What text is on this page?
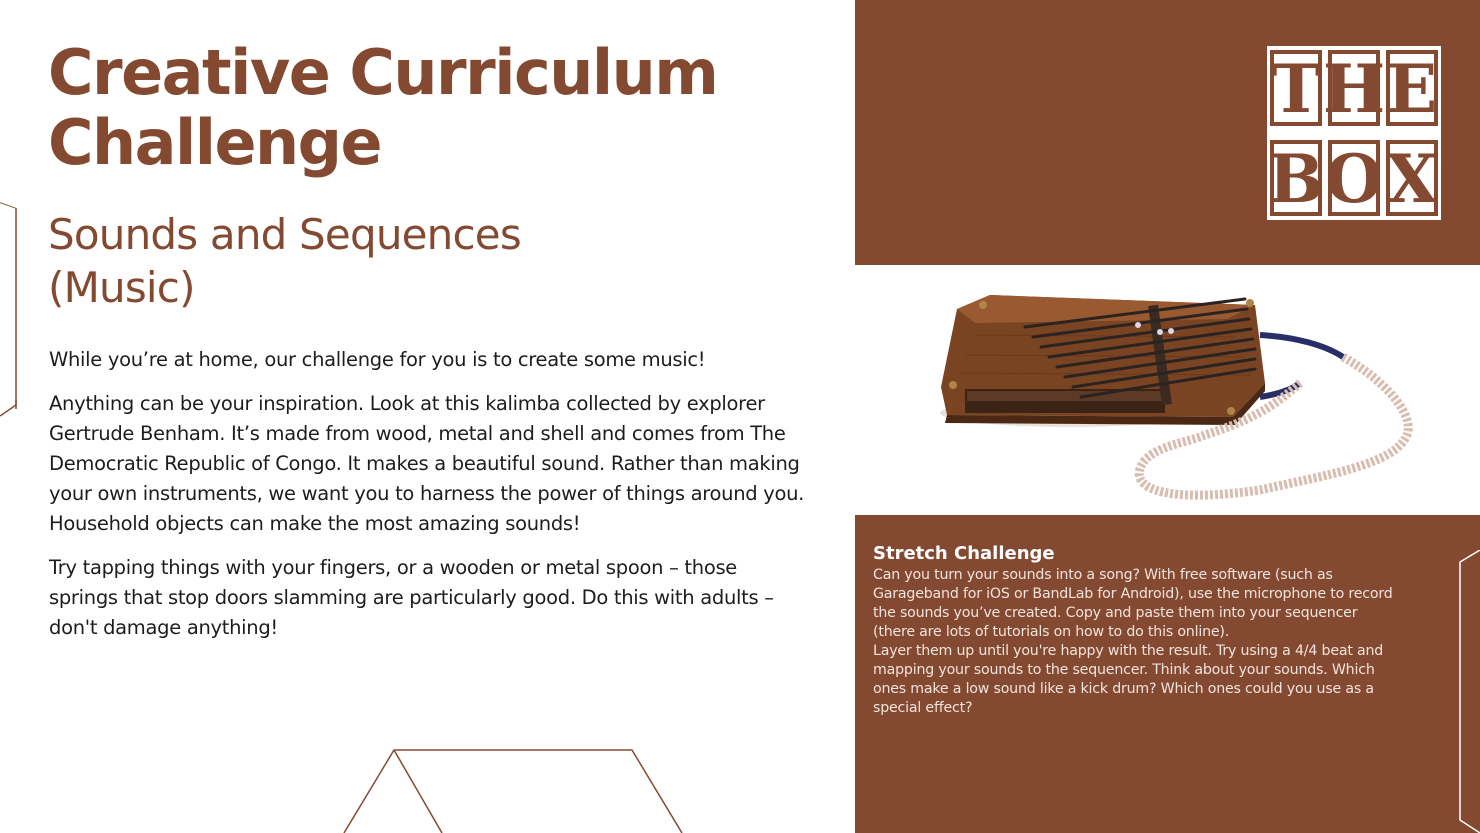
Creative Curriculum
Challenge
Sounds and Sequences
(Music)

While you’re at home, our challenge for you is to create some music!

Anything can be your inspiration. Look at this kalimba collected by explorer Gertrude Benham. It’s made from wood, metal and shell and comes from The Democratic Republic of Congo. It makes a beautiful sound. Rather than making your own instruments, we want you to harness the power of things around you. Household objects can make the most amazing sounds!

Try tapping things with your fingers, or a wooden or metal spoon – those springs that stop doors slamming are particularly good. Do this with adults – don't damage anything!

T H E
B O X
Stretch Challenge

Can you turn your sounds into a song? With free software (such as Garageband for iOS or BandLab for Android), use the microphone to record the sounds you’ve created. Copy and paste them into your sequencer (there are lots of tutorials on how to do this online).

Layer them up until you're happy with the result. Try using a 4/4 beat and mapping your sounds to the sequencer. Think about your sounds. Which ones make a low sound like a kick drum? Which ones could you use as a special effect?
